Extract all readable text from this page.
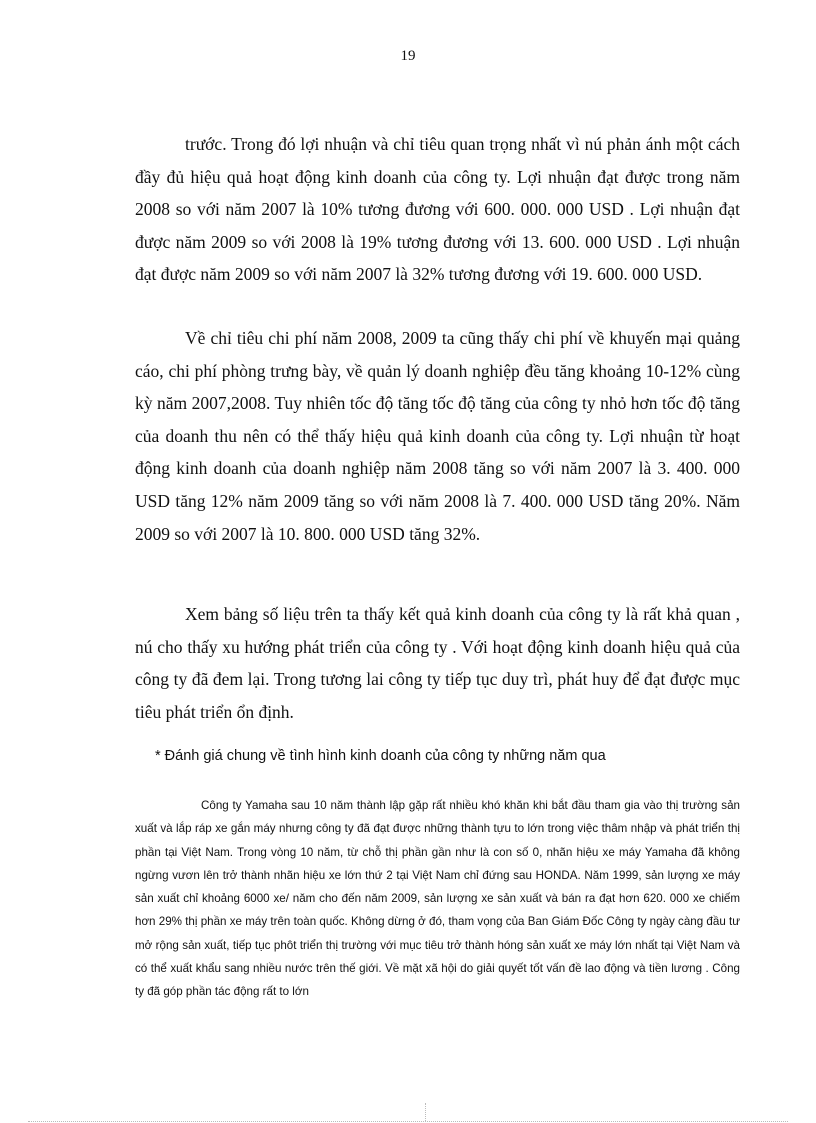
19

trước. Trong đó lợi nhuận và chỉ tiêu quan trọng nhất vì nú phản ánh một cách đầy đủ hiệu quả hoạt động kinh doanh của công ty. Lợi nhuận đạt được trong năm 2008 so với năm 2007 là 10% tương đương với 600. 000. 000 USD . Lợi nhuận đạt được năm 2009 so với 2008 là 19% tương đương với 13. 600. 000 USD . Lợi nhuận đạt được năm 2009 so với năm 2007 là 32% tương đương với 19. 600. 000 USD.

Về chỉ tiêu chi phí năm 2008, 2009 ta cũng thấy chi phí về khuyến mại quảng cáo, chi phí phòng trưng bày, về quản lý doanh nghiệp đều tăng khoảng 10-12% cùng kỳ năm 2007,2008. Tuy nhiên tốc độ tăng tốc độ tăng của công ty nhỏ hơn tốc độ tăng của doanh thu nên có thể thấy hiệu quả kinh doanh của công ty. Lợi nhuận từ hoạt động kinh doanh của doanh nghiệp năm 2008 tăng so với năm 2007 là 3. 400. 000 USD tăng 12% năm 2009 tăng so với năm 2008 là 7. 400. 000 USD tăng 20%. Năm 2009 so với 2007 là 10. 800. 000 USD tăng 32%.

Xem bảng số liệu trên ta thấy kết quả kinh doanh của công ty là rất khả quan , nú cho thấy xu hướng phát triển của công ty . Với hoạt động kinh doanh hiệu quả của công ty đã đem lại. Trong tương lai công ty tiếp tục duy trì, phát huy để đạt được mục tiêu phát triển ổn định.

* Đánh giá chung về tình hình kinh doanh của công ty những năm qua

Công ty Yamaha sau 10 năm thành lập gặp rất nhiều khó khăn khi bắt đầu tham gia vào thị trường sản xuất và lắp ráp xe gắn máy nhưng công ty đã đạt được những thành tựu to lớn trong việc thâm nhập và phát triển thị phần tại Việt Nam. Trong vòng 10 năm, từ chỗ thị phần gần như là con số 0, nhãn hiệu xe máy Yamaha đã không ngừng vươn lên trở thành nhãn hiệu xe lớn thứ 2 tại Việt Nam chỉ đứng sau HONDA. Năm 1999, sản lượng xe máy sản xuất chỉ khoảng 6000 xe/ năm cho đến năm 2009, sản lượng xe sản xuất và bán ra đạt hơn 620. 000 xe chiếm hơn 29% thị phần xe máy trên toàn quốc. Không dừng ở đó, tham vọng của Ban Giám Đốc Công ty ngày càng đầu tư mở rộng sản xuất, tiếp tục phôt triển thị trường với mục tiêu trở thành hóng sản xuất xe máy lớn nhất tại Việt Nam và có thể xuất khẩu sang nhiều nước trên thế giới. Về mặt xã hội do giải quyết tốt vấn đề lao động và tiền lương . Công ty đã góp phần tác động rất to lớn
